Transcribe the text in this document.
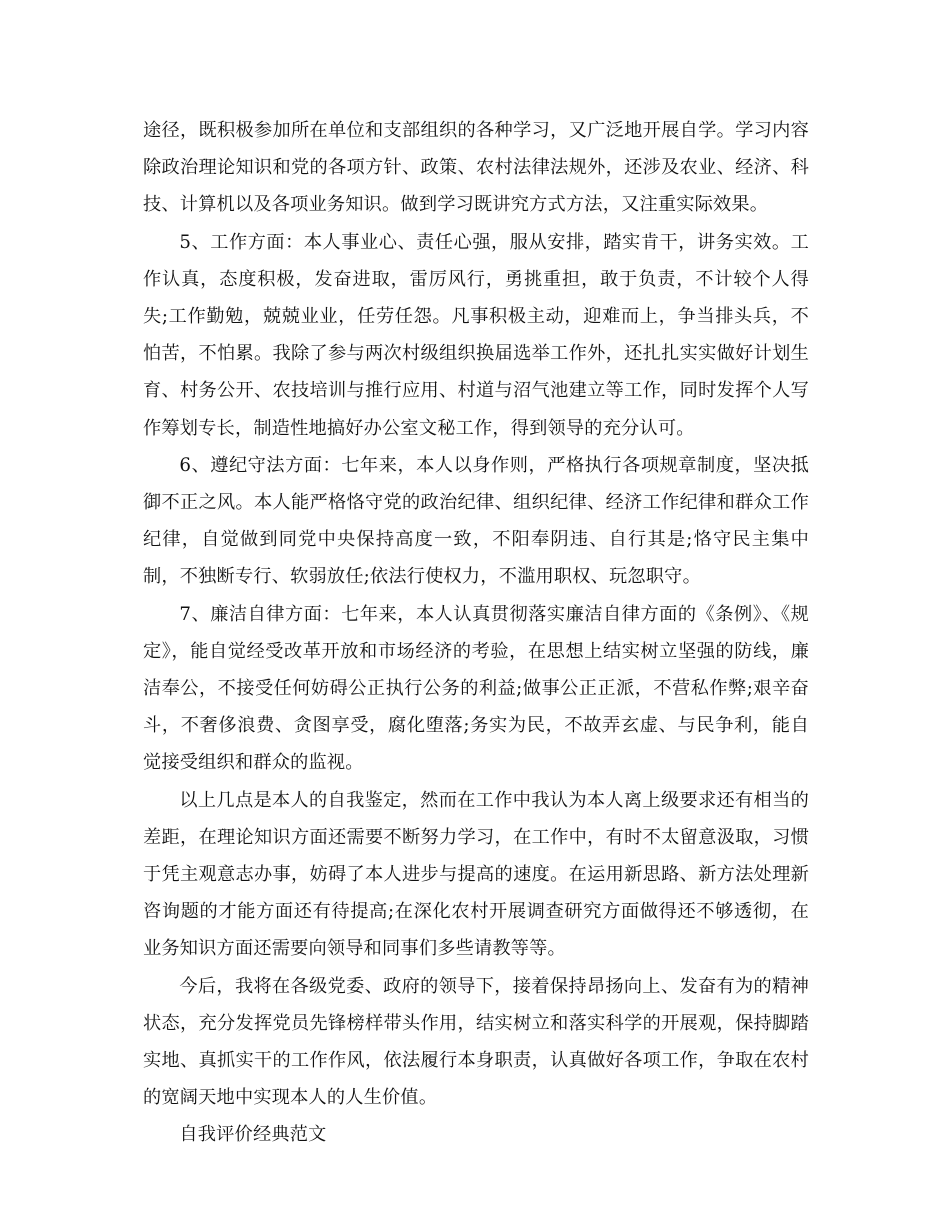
途径，既积极参加所在单位和支部组织的各种学习，又广泛地开展自学。学习内容除政治理论知识和党的各项方针、政策、农村法律法规外，还涉及农业、经济、科技、计算机以及各项业务知识。做到学习既讲究方式方法，又注重实际效果。

5、工作方面：本人事业心、责任心强，服从安排，踏实肯干，讲务实效。工作认真，态度积极，发奋进取，雷厉风行，勇挑重担，敢于负责，不计较个人得失;工作勤勉，兢兢业业，任劳任怨。凡事积极主动，迎难而上，争当排头兵，不怕苦，不怕累。我除了参与两次村级组织换届选举工作外，还扎扎实实做好计划生育、村务公开、农技培训与推行应用、村道与沼气池建立等工作，同时发挥个人写作筹划专长，制造性地搞好办公室文秘工作，得到领导的充分认可。

6、遵纪守法方面：七年来，本人以身作则，严格执行各项规章制度，坚决抵御不正之风。本人能严格恪守党的政治纪律、组织纪律、经济工作纪律和群众工作纪律，自觉做到同党中央保持高度一致，不阳奉阴违、自行其是;恪守民主集中制，不独断专行、软弱放任;依法行使权力，不滥用职权、玩忽职守。

7、廉洁自律方面：七年来，本人认真贯彻落实廉洁自律方面的《条例》、《规定》，能自觉经受改革开放和市场经济的考验，在思想上结实树立坚强的防线，廉洁奉公，不接受任何妨碍公正执行公务的利益;做事公正正派，不营私作弊;艰辛奋斗，不奢侈浪费、贪图享受，腐化堕落;务实为民，不故弄玄虚、与民争利，能自觉接受组织和群众的监视。

以上几点是本人的自我鉴定，然而在工作中我认为本人离上级要求还有相当的差距，在理论知识方面还需要不断努力学习，在工作中，有时不太留意汲取，习惯于凭主观意志办事，妨碍了本人进步与提高的速度。在运用新思路、新方法处理新咨询题的才能方面还有待提高;在深化农村开展调查研究方面做得还不够透彻，在业务知识方面还需要向领导和同事们多些请教等等。

今后，我将在各级党委、政府的领导下，接着保持昂扬向上、发奋有为的精神状态，充分发挥党员先锋榜样带头作用，结实树立和落实科学的开展观，保持脚踏实地、真抓实干的工作作风，依法履行本身职责，认真做好各项工作，争取在农村的宽阔天地中实现本人的人生价值。

自我评价经典范文
